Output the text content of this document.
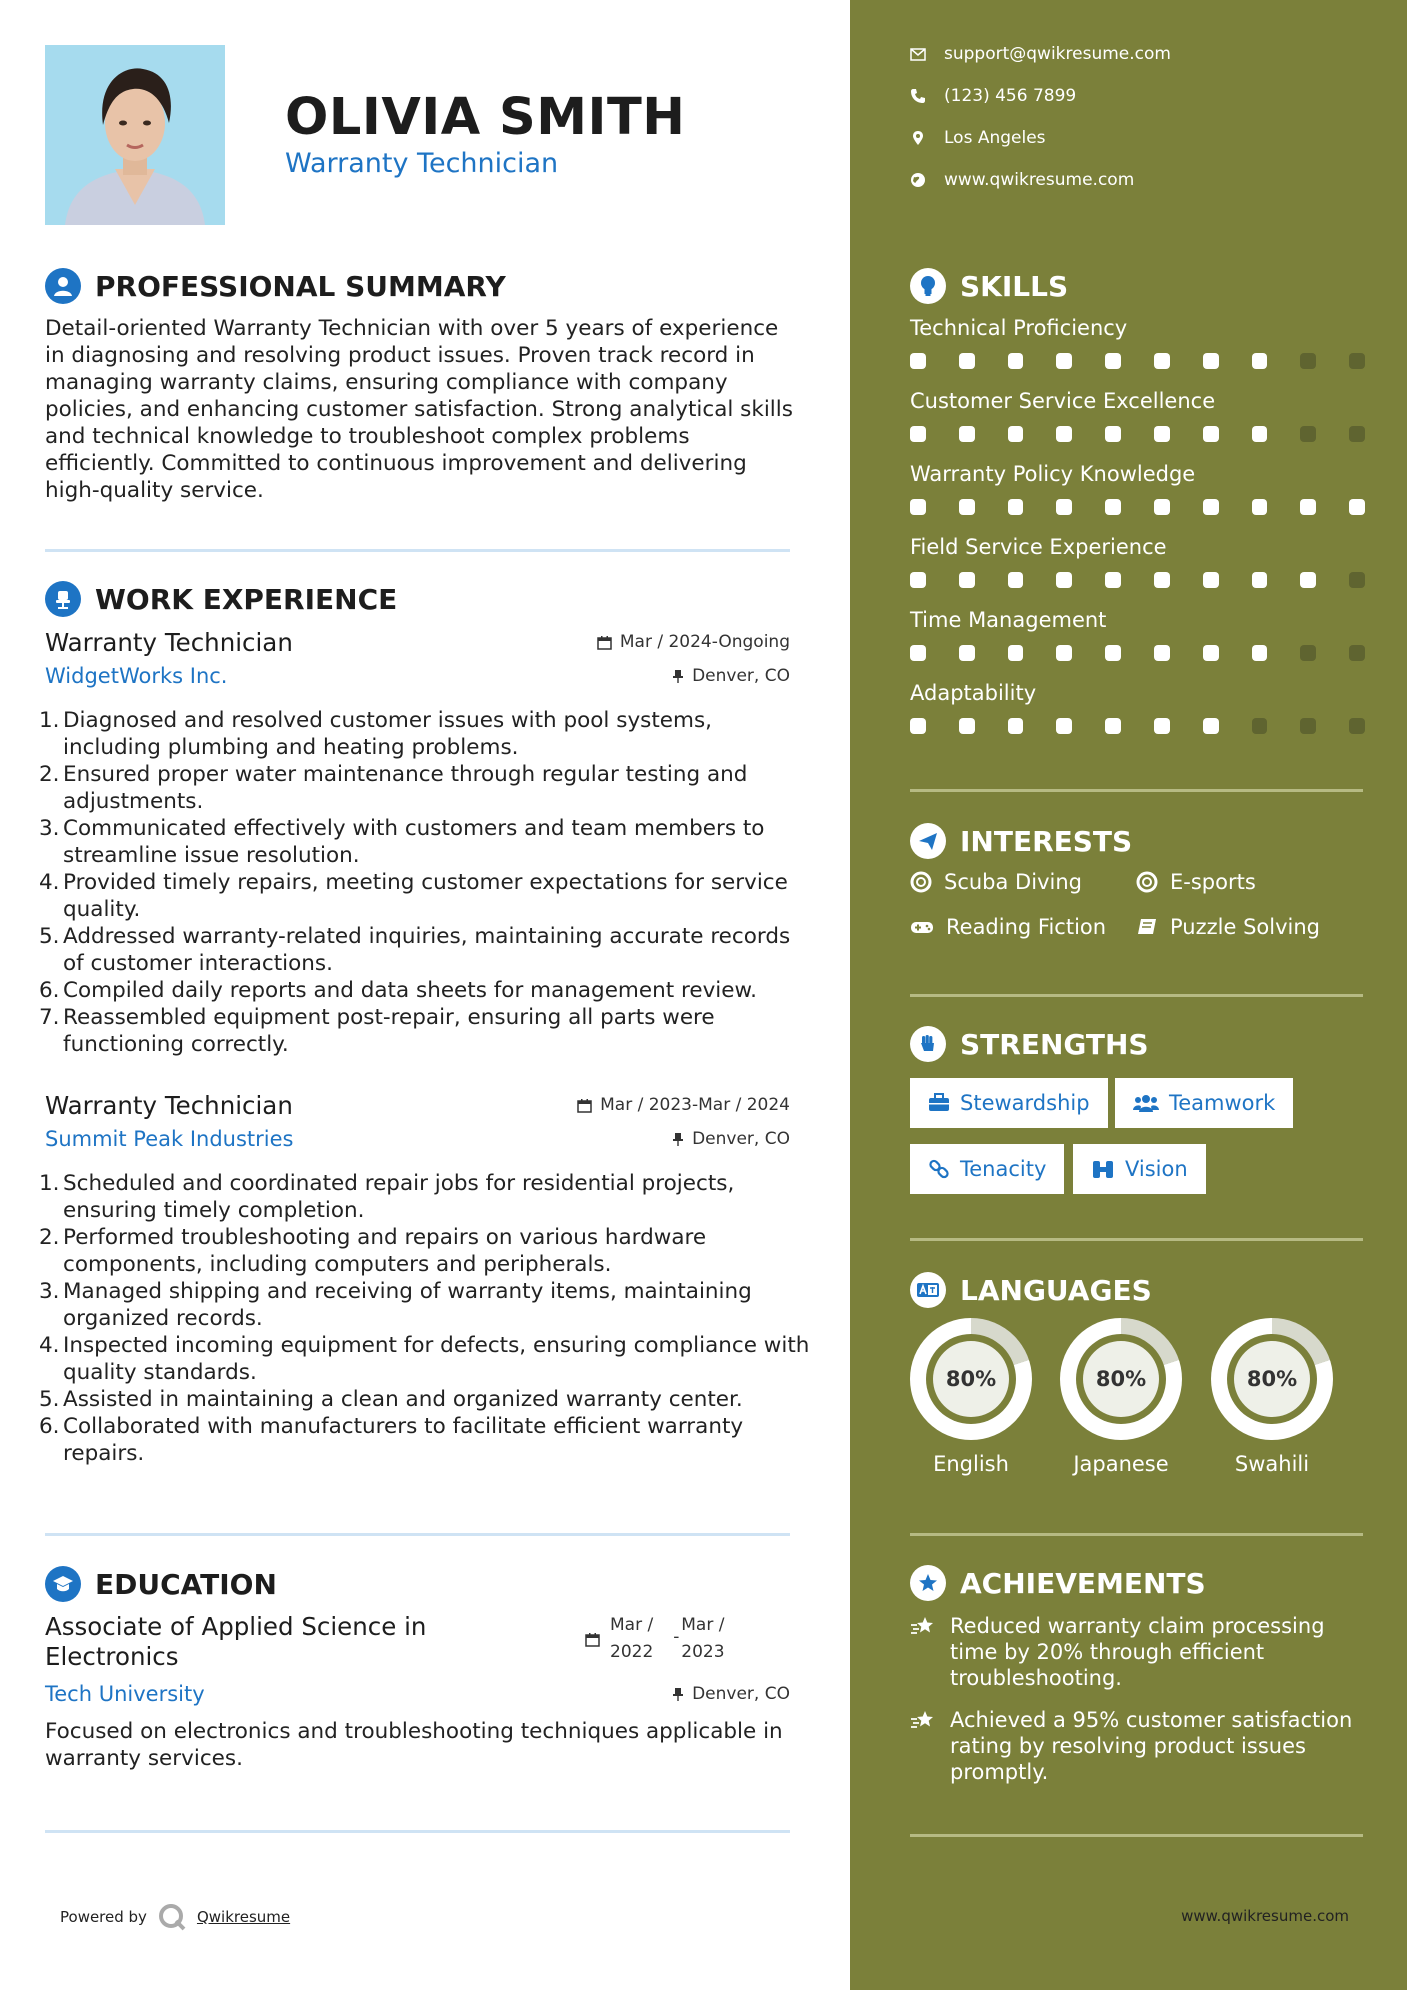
OLIVIA SMITH
Warranty Technician
PROFESSIONAL SUMMARY

Detail-oriented Warranty Technician with over 5 years of experience in diagnosing and resolving product issues. Proven track record in managing warranty claims, ensuring compliance with company policies, and enhancing customer satisfaction. Strong analytical skills and technical knowledge to troubleshoot complex problems efficiently. Committed to continuous improvement and delivering high-quality service.

WORK EXPERIENCE
Warranty Technician
WidgetWorks Inc.
Mar / 2024-Ongoing
Denver, CO
1. Diagnosed and resolved customer issues with pool systems, including plumbing and heating problems.
2. Ensured proper water maintenance through regular testing and adjustments.
3. Communicated effectively with customers and team members to streamline issue resolution.
4. Provided timely repairs, meeting customer expectations for service quality.
5. Addressed warranty-related inquiries, maintaining accurate records of customer interactions.
6. Compiled daily reports and data sheets for management review.
7. Reassembled equipment post-repair, ensuring all parts were functioning correctly.
Warranty Technician
Summit Peak Industries
Mar / 2023-Mar / 2024
Denver, CO
1. Scheduled and coordinated repair jobs for residential projects, ensuring timely completion.
2. Performed troubleshooting and repairs on various hardware components, including computers and peripherals.
3. Managed shipping and receiving of warranty items, maintaining organized records.
4. Inspected incoming equipment for defects, ensuring compliance with quality standards.
5. Assisted in maintaining a clean and organized warranty center.
6. Collaborated with manufacturers to facilitate efficient warranty repairs.
EDUCATION
Associate of Applied Science in Electronics
Mar /
2022
-
Mar /
2023
Tech University	Denver, CO

Focused on electronics and troubleshooting techniques applicable in warranty services.

Powered by	Qwikresume	www.qwikresume.com
support@qwikresume.com
(123) 456 7899
Los Angeles
www.qwikresume.com
SKILLS
Technical Proficiency
Customer Service Excellence
Warranty Policy Knowledge
Field Service Experience
Time Management
Adaptability
INTERESTS
Scuba Diving	E-sports
Reading Fiction	Puzzle Solving
STRENGTHS
Stewardship	Teamwork
Tenacity	Vision
LANGUAGES
80%
English
80%
Japanese
80%
Swahili
ACHIEVEMENTS
Reduced warranty claim processing time by 20% through efficient troubleshooting.
Achieved a 95% customer satisfaction rating by resolving product issues promptly.
